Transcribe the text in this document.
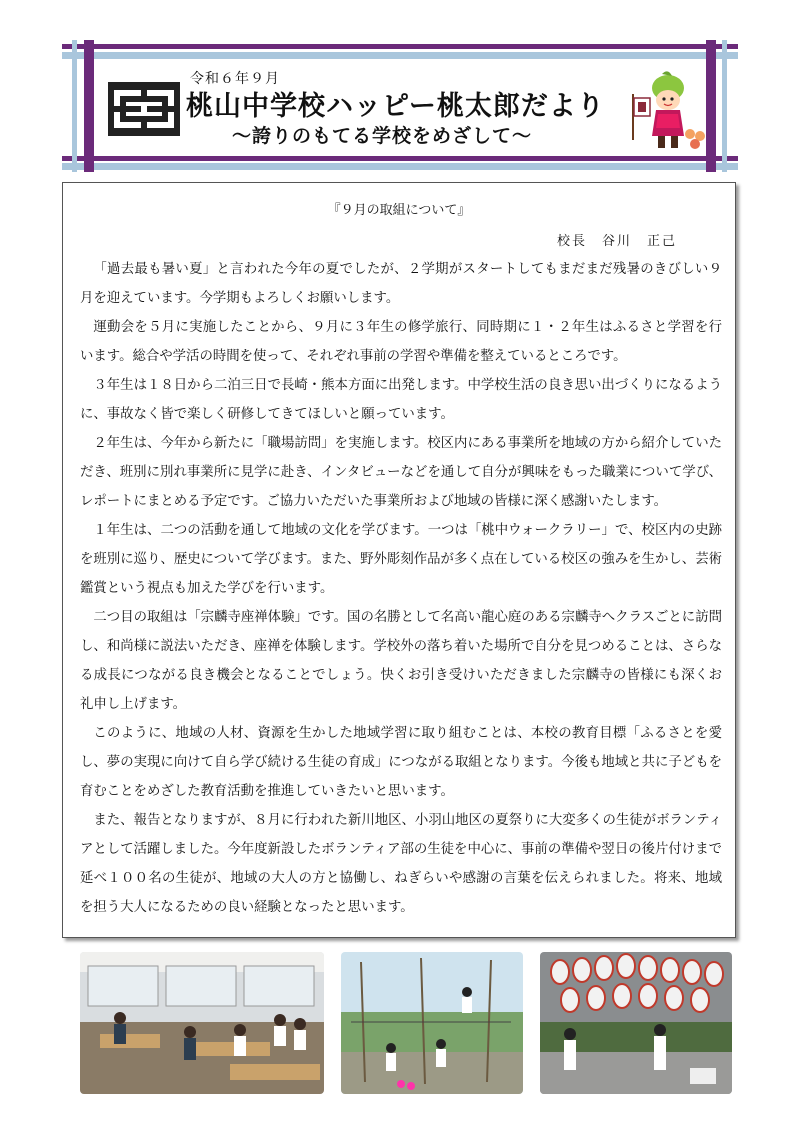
令和６年９月
桃山中学校ハッピー桃太郎だより
～誇りのもてる学校をめざして～
『９月の取組について』
校長　谷川　正己

「過去最も暑い夏」と言われた今年の夏でしたが、２学期がスタートしてもまだまだ残暑のきびしい９月を迎えています。今学期もよろしくお願いします。

運動会を５月に実施したことから、９月に３年生の修学旅行、同時期に１・２年生はふるさと学習を行います。総合や学活の時間を使って、それぞれ事前の学習や準備を整えているところです。

３年生は１８日から二泊三日で長崎・熊本方面に出発します。中学校生活の良き思い出づくりになるように、事故なく皆で楽しく研修してきてほしいと願っています。

２年生は、今年から新たに「職場訪問」を実施します。校区内にある事業所を地域の方から紹介していただき、班別に別れ事業所に見学に赴き、インタビューなどを通して自分が興味をもった職業について学び、レポートにまとめる予定です。ご協力いただいた事業所および地域の皆様に深く感謝いたします。

１年生は、二つの活動を通して地域の文化を学びます。一つは「桃中ウォークラリー」で、校区内の史跡を班別に巡り、歴史について学びます。また、野外彫刻作品が多く点在している校区の強みを生かし、芸術鑑賞という視点も加えた学びを行います。

二つ目の取組は「宗麟寺座禅体験」です。国の名勝として名高い龍心庭のある宗麟寺へクラスごとに訪問し、和尚様に説法いただき、座禅を体験します。学校外の落ち着いた場所で自分を見つめることは、さらなる成長につながる良き機会となることでしょう。快くお引き受けいただきました宗麟寺の皆様にも深くお礼申し上げます。

このように、地域の人材、資源を生かした地域学習に取り組むことは、本校の教育目標「ふるさとを愛し、夢の実現に向けて自ら学び続ける生徒の育成」につながる取組となります。今後も地域と共に子どもを育むことをめざした教育活動を推進していきたいと思います。

また、報告となりますが、８月に行われた新川地区、小羽山地区の夏祭りに大変多くの生徒がボランティアとして活躍しました。今年度新設したボランティア部の生徒を中心に、事前の準備や翌日の後片付けまで延べ１００名の生徒が、地域の大人の方と協働し、ねぎらいや感謝の言葉を伝えられました。将来、地域を担う大人になるための良い経験となったと思います。
